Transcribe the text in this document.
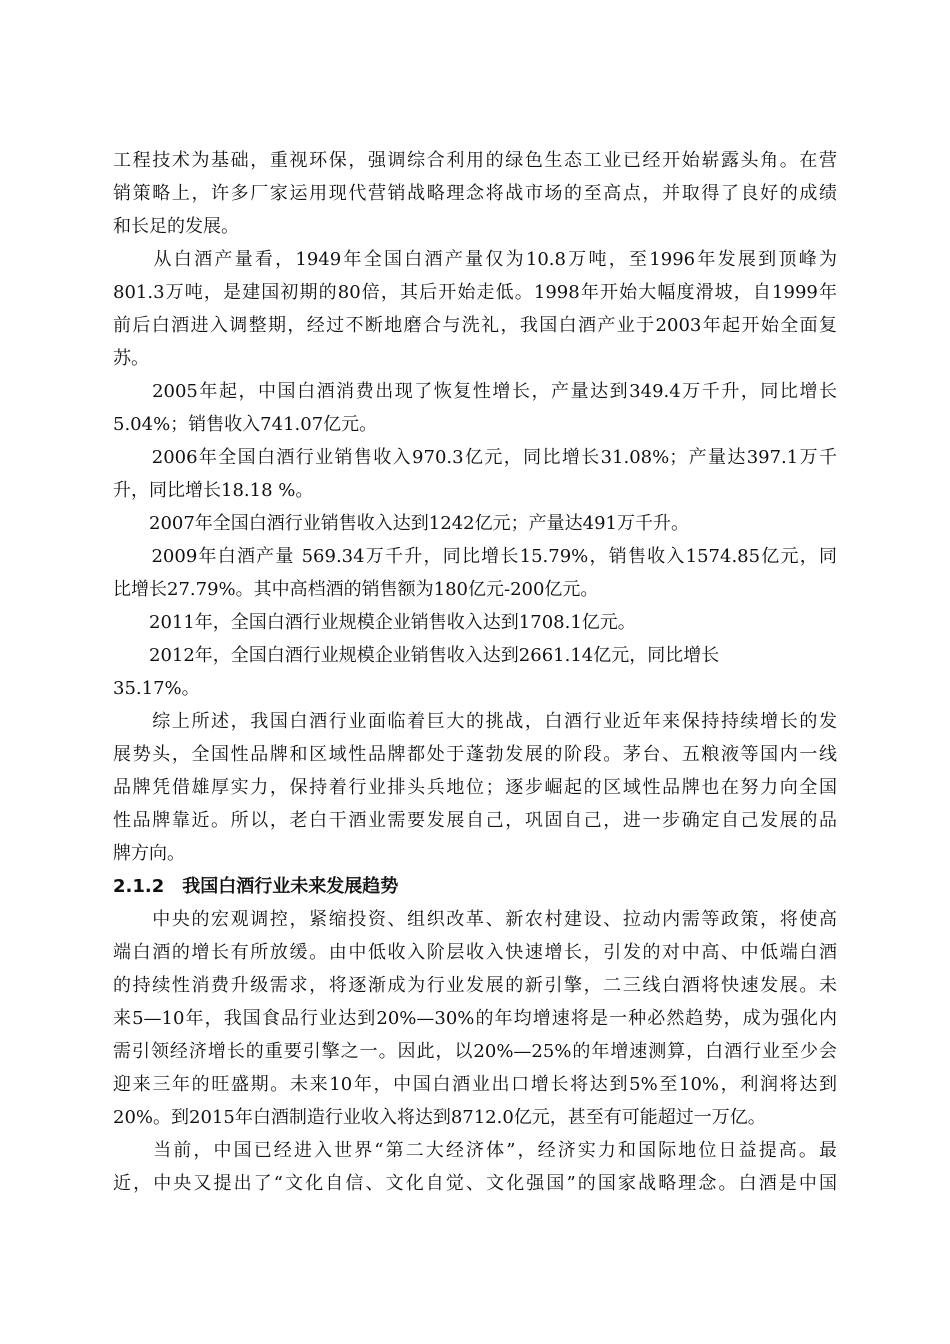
工程技术为基础，重视环保，强调综合利用的绿色生态工业已经开始崭露头角。在营
销策略上，许多厂家运用现代营销战略理念将战市场的至高点，并取得了良好的成绩
和长足的发展。
　　从白酒产量看，1949年全国白酒产量仅为10.8万吨，至1996年发展到顶峰为
801.3万吨，是建国初期的80倍，其后开始走低。1998年开始大幅度滑坡，自1999年
前后白酒进入调整期，经过不断地磨合与洗礼，我国白酒产业于2003年起开始全面复
苏。
　　2005年起，中国白酒消费出现了恢复性增长，产量达到349.4万千升，同比增长
5.04%；销售收入741.07亿元。
　　2006年全国白酒行业销售收入970.3亿元，同比增长31.08%；产量达397.1万千
升，同比增长18.18 %。
　　2007年全国白酒行业销售收入达到1242亿元；产量达491万千升。
　　2009年白酒产量 569.34万千升，同比增长15.79%，销售收入1574.85亿元，同
比增长27.79%。其中高档酒的销售额为180亿元-200亿元。
　　2011年，全国白酒行业规模企业销售收入达到1708.1亿元。
　　2012年，全国白酒行业规模企业销售收入达到2661.14亿元，同比增长
35.17%。
　　综上所述，我国白酒行业面临着巨大的挑战，白酒行业近年来保持持续增长的发
展势头，全国性品牌和区域性品牌都处于蓬勃发展的阶段。茅台、五粮液等国内一线
品牌凭借雄厚实力，保持着行业排头兵地位；逐步崛起的区域性品牌也在努力向全国
性品牌靠近。所以，老白干酒业需要发展自己，巩固自己，进一步确定自己发展的品
牌方向。
2.1.2　我国白酒行业未来发展趋势
　　中央的宏观调控，紧缩投资、组织改革、新农村建设、拉动内需等政策，将使高
端白酒的增长有所放缓。由中低收入阶层收入快速增长，引发的对中高、中低端白酒
的持续性消费升级需求，将逐渐成为行业发展的新引擎，二三线白酒将快速发展。未
来5—10年，我国食品行业达到20%—30%的年均增速将是一种必然趋势，成为强化内
需引领经济增长的重要引擎之一。因此，以20%—25%的年增速测算，白酒行业至少会
迎来三年的旺盛期。未来10年，中国白酒业出口增长将达到5%至10%，利润将达到
20%。到2015年白酒制造行业收入将达到8712.0亿元，甚至有可能超过一万亿。
　　当前，中国已经进入世界“第二大经济体”，经济实力和国际地位日益提高。最
近，中央又提出了“文化自信、文化自觉、文化强国”的国家战略理念。白酒是中国
